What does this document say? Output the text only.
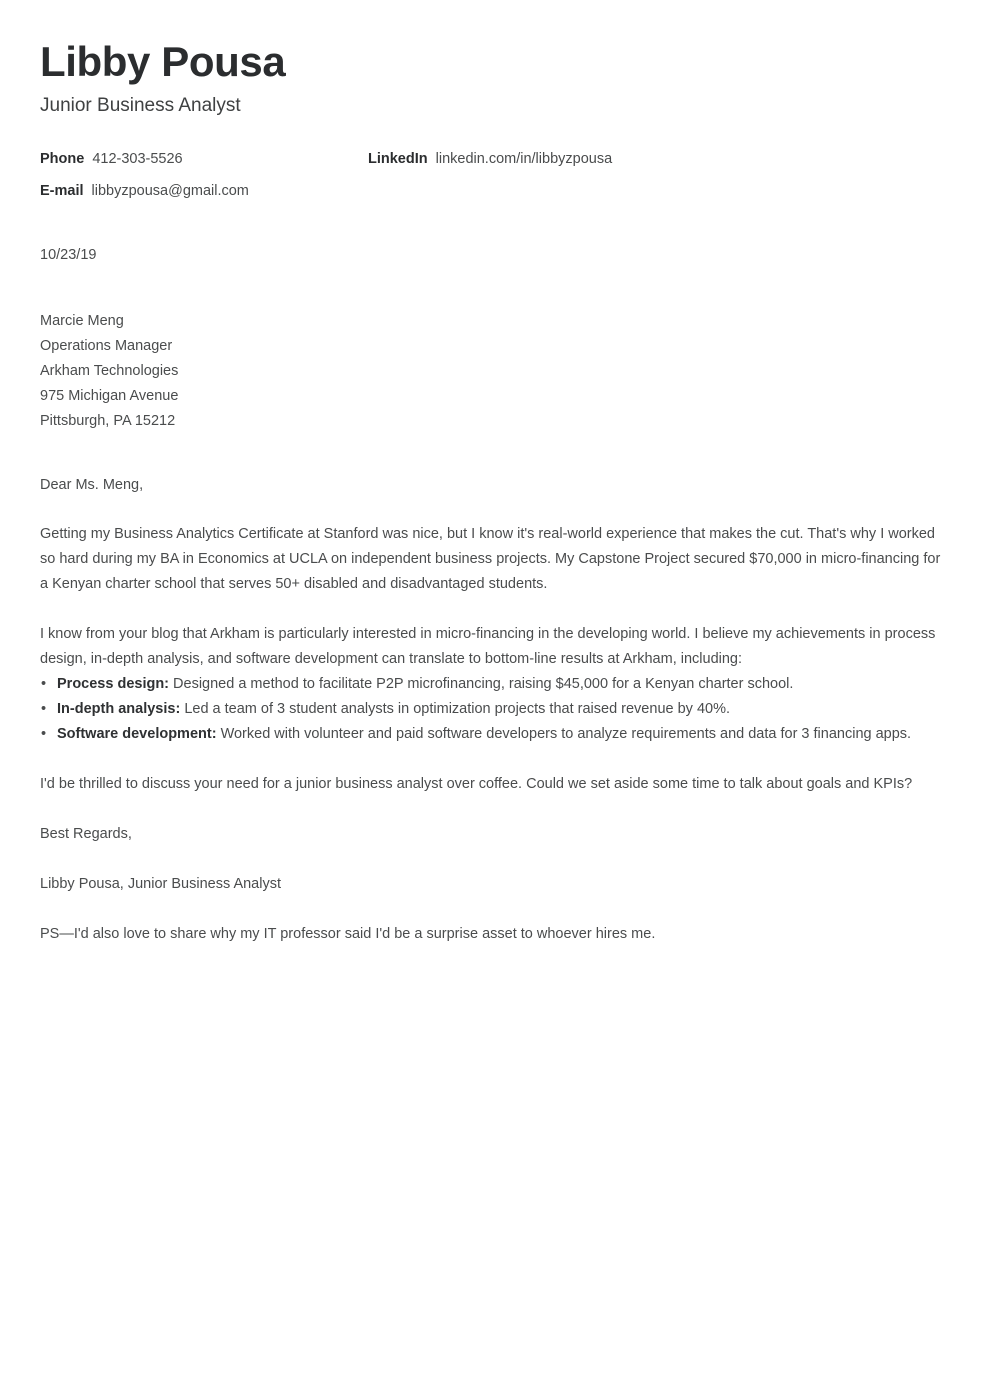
Libby Pousa
Junior Business Analyst
Phone 412-303-5526	LinkedIn linkedin.com/in/libbyzpousa
E-mail libbyzpousa@gmail.com
10/23/19
Marcie Meng
Operations Manager
Arkham Technologies
975 Michigan Avenue
Pittsburgh, PA 15212

Dear Ms. Meng,

Getting my Business Analytics Certificate at Stanford was nice, but I know it's real-world experience that makes the cut. That's why I worked so hard during my BA in Economics at UCLA on independent business projects. My Capstone Project secured $70,000 in micro-financing for a Kenyan charter school that serves 50+ disabled and disadvantaged students.

I know from your blog that Arkham is particularly interested in micro-financing in the developing world. I believe my achievements in process design, in-depth analysis, and software development can translate to bottom-line results at Arkham, including:

• Process design: Designed a method to facilitate P2P microfinancing, raising $45,000 for a Kenyan charter school.
• In-depth analysis: Led a team of 3 student analysts in optimization projects that raised revenue by 40%.
• Software development: Worked with volunteer and paid software developers to analyze requirements and data for 3 financing apps.

I'd be thrilled to discuss your need for a junior business analyst over coffee. Could we set aside some time to talk about goals and KPIs?

Best Regards,

Libby Pousa, Junior Business Analyst

PS—I'd also love to share why my IT professor said I'd be a surprise asset to whoever hires me.
